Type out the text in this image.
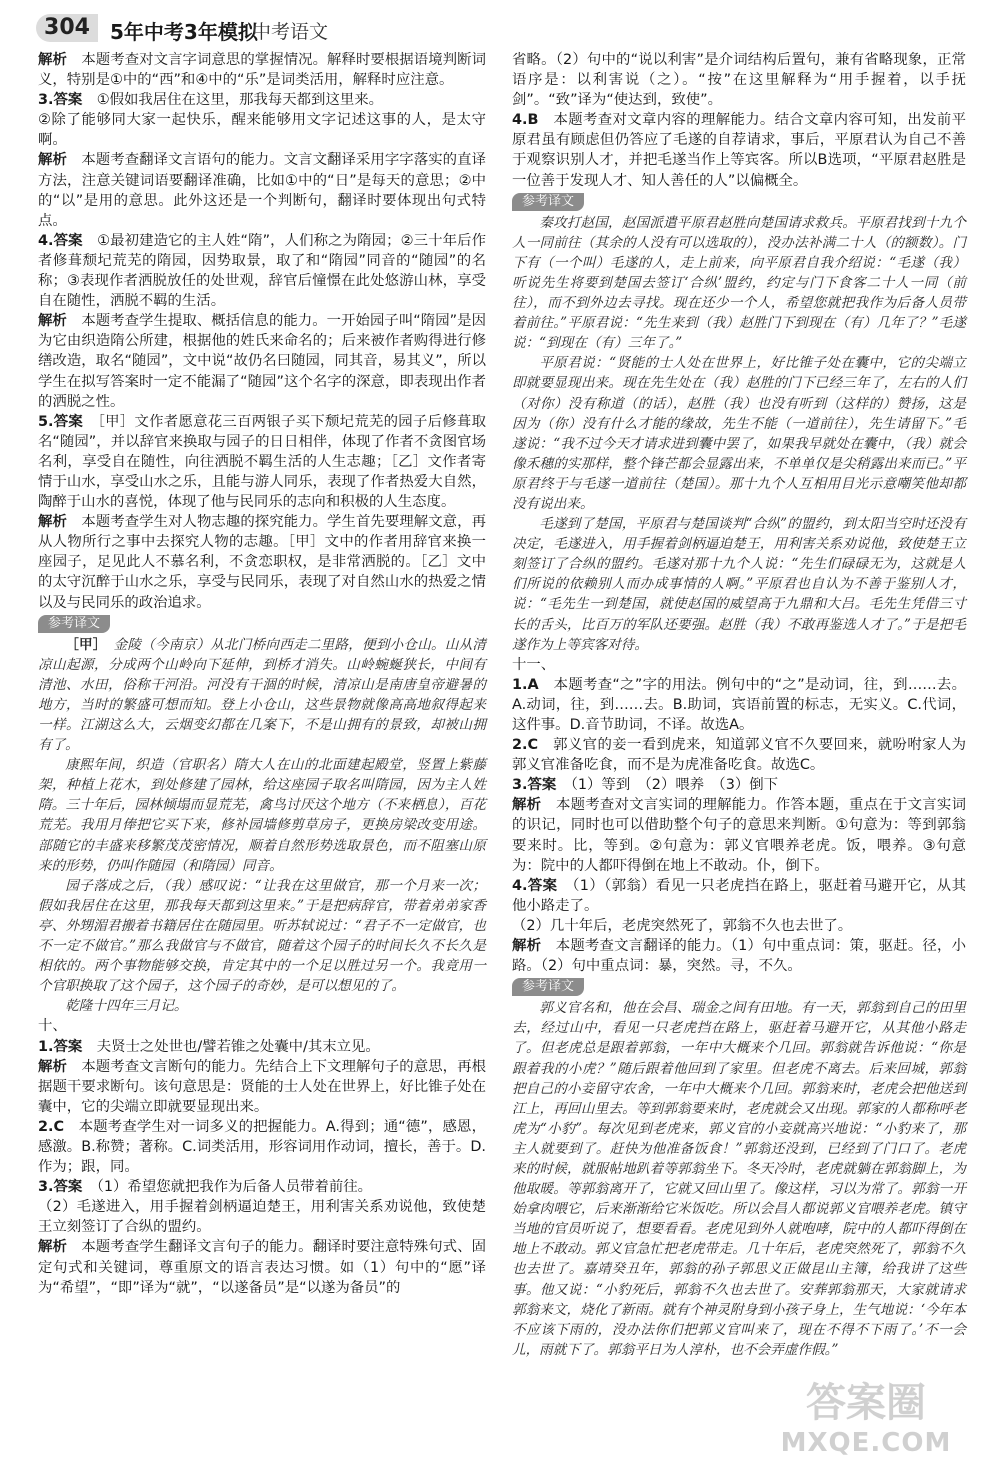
304	5年中考3年模拟
中考语文

解析　 本题考查对文言字词意思的掌握情况。解释时要根据语境判断词义，特别是①中的“西”和④中的“乐”是词类活用，解释时应注意。

3.答案　 ①假如我居住在这里，那我每天都到这里来。

②除了能够同大家一起快乐，醒来能够用文字记述这事的人，是太守啊。

解析　 本题考查翻译文言语句的能力。文言文翻译采用字字落实的直译方法，注意关键词语要翻译准确，比如①中的“日”是每天的意思；②中的“以”是用的意思。此外这还是一个判断句，翻译时要体现出句式特点。

4.答案　 ①最初建造它的主人姓“隋”，人们称之为隋园；②三十年后作者修葺颓圮荒芜的隋园，因势取景，取了和“隋园”同音的“随园”的名称；③表现作者洒脱放任的处世观，辞官后憧憬在此处悠游山林，享受自在随性，洒脱不羁的生活。

解析　 本题考查学生提取、概括信息的能力。一开始园子叫“隋园”是因为它由织造隋公所建，根据他的姓氏来命名的；后来被作者购得进行修缮改造，取名“随园”，文中说“故仍名曰随园，同其音，易其义”，所以学生在拟写答案时一定不能漏了“随园”这个名字的深意，即表现出作者的洒脱之性。

5.答案　 ［甲］文作者愿意花三百两银子买下颓圮荒芜的园子后修葺取名“随园”，并以辞官来换取与园子的日日相伴，体现了作者不贪图官场名利，享受自在随性，向往洒脱不羁生活的人生志趣；［乙］文作者寄情于山水，享受山水之乐，且能与游人同乐，表现了作者热爱大自然，陶醉于山水的喜悦，体现了他与民同乐的志向和积极的人生态度。

解析　 本题考查学生对人物志趣的探究能力。学生首先要理解文意，再从人物所行之事中去探究人物的志趣。［甲］文中的作者用辞官来换一座园子，足见此人不慕名利，不贪恋职权，是非常洒脱的。［乙］文中的太守沉醉于山水之乐，享受与民同乐，表现了对自然山水的热爱之情以及与民同乐的政治追求。

参考译文

［甲］　 金陵（今南京）从北门桥向西走二里路，便到小仓山。山从清凉山起源，分成两个山岭向下延伸，到桥才消失。山岭蜿蜒狭长，中间有清池、水田，俗称干河沿。河没有干涸的时候，清凉山是南唐皇帝避暑的地方，当时的繁盛可想而知。登上小仓山，这些景物就像高高地叙得起来一样。江湖这么大，云烟变幻都在几案下，不是山拥有的景致，却被山拥有了。

康熙年间，织造（官职名）隋大人在山的北面建起殿堂，竖置上紫藤架，种植上花木，到处修建了园林，给这座园子取名叫隋园，因为主人姓隋。三十年后，园林倾塌而显荒芜，禽鸟讨厌这个地方（不来栖息），百花荒芜。我用月俸把它买下来，修补园墙修剪草房子，更换房梁改变用途。部随它的丰盛来移繁茂茂密情况，顺着自然形势选取景色，而不阻塞山原来的形势，仍叫作随园（和隋园）同音。

园子落成之后，（我）感叹说：“让我在这里做官，那一个月来一次；假如我居住在这里，那我每天都到这里来。”于是把病辞官，带着弟弟家香亭、外甥湄君搬着书籍居住在随园里。听苏轼说过：“君子不一定做官，也不一定不做官。”那么我做官与不做官，随着这个园子的时间长久不长久是相依的。两个事物能够交换，肯定其中的一个足以胜过另一个。我竟用一个官职换取了这个园子，这个园子的奇妙，是可以想见的了。

乾隆十四年三月记。

十、

1.答案　 夫贤士之处世也/譬若锥之处囊中/其末立见。

解析　 本题考查文言断句的能力。先结合上下文理解句子的意思，再根据题干要求断句。该句意思是：贤能的士人处在世界上，好比锥子处在囊中，它的尖端立即就要显现出来。

2.C　 本题考查学生对一词多义的把握能力。A.得到；通“德”，感恩，感激。B.称赞；著称。C.词类活用，形容词用作动词，擅长，善于。D.作为；跟，同。

3.答案　 （1）希望您就把我作为后备人员带着前往。

（2）毛遂进入，用手握着剑柄逼迫楚王，用利害关系劝说他，致使楚王立刻签订了合纵的盟约。

解析　 本题考查学生翻译文言句子的能力。翻译时要注意特殊句式、固定句式和关键词，尊重原文的语言表达习惯。如（1）句中的“愿”译为“希望”，“即”译为“就”，“以遂备员”是“以遂为备员”的

省略。（2）句中的“说以利害”是介词结构后置句，兼有省略现象，正常语序是：以利害说（之）。“按”在这里解释为“用手握着，以手抚剑”。“致”译为“使达到，致使”。

4.B　 本题考查对文章内容的理解能力。结合文章内容可知，出发前平原君虽有顾虑但仍答应了毛遂的自荐请求，事后，平原君认为自己不善于观察识别人才，并把毛遂当作上等宾客。所以B选项，“平原君赵胜是一位善于发现人才、知人善任的人”以偏概全。

参考译文

秦攻打赵国，赵国派遣平原君赵胜向楚国请求救兵。平原君找到十九个人一同前往（其余的人没有可以选取的），没办法补满二十人（的额数）。门下有（一个叫）毛遂的人，走上前来，向平原君自我介绍说：“毛遂（我）听说先生将要到楚国去签订‘合纵’盟约，约定与门下食客二十人一同（前往），而不到外边去寻找。现在还少一个人，希望您就把我作为后备人员带着前往。”平原君说：“先生来到（我）赵胜门下到现在（有）几年了？”毛遂说：“到现在（有）三年了。”

平原君说：“贤能的士人处在世界上，好比锥子处在囊中，它的尖端立即就要显现出来。现在先生处在（我）赵胜的门下已经三年了，左右的人们（对你）没有称道（的话），赵胜（我）也没有听到（这样的）赞扬，这是因为（你）没有什么才能的缘故，先生不能（一道前往），先生请留下。”毛遂说：“我不过今天才请求进到囊中罢了，如果我早就处在囊中，（我）就会像禾穗的实那样，整个锋芒都会显露出来，不单单仅是尖稍露出来而已。”平原君终于与毛遂一道前往（楚国）。那十九个人互相用目光示意嘲笑他却都没有说出来。

毛遂到了楚国，平原君与楚国谈判“合纵”的盟约，到太阳当空时还没有决定，毛遂进入，用手握着剑柄逼迫楚王，用利害关系劝说他，致使楚王立刻签订了合纵的盟约。毛遂对那十九个人说：“先生们碌碌无为，这就是人们所说的依赖别人而办成事情的人啊。”平原君也自认为不善于鉴别人才，说：“毛先生一到楚国，就使赵国的威望高于九鼎和大吕。毛先生凭借三寸长的舌头，比百万的军队还要强。赵胜（我）不敢再鉴选人才了。”于是把毛遂作为上等宾客对待。

十一、

1.A　 本题考查“之”字的用法。例句中的“之”是动词，往，到……去。A.动词，往，到……去。B.助词，宾语前置的标志，无实义。C.代词，这件事。D.音节助词，不译。故选A。

2.C　 郭义官的妾一看到虎来，知道郭义官不久要回来，就吩咐家人为郭义官准备吃食，而不是为虎准备吃食。故选C。

3.答案　 （1）等到　（2）喂养　（3）倒下

解析　 本题考查对文言实词的理解能力。作答本题，重点在于文言实词的识记，同时也可以借助整个句子的意思来判断。①句意为：等到郭翁要来时。比，等到。②句意为：郭义官喂养老虎。饭，喂养。③句意为：院中的人都吓得倒在地上不敢动。仆，倒下。

4.答案　 （1）（郭翁）看见一只老虎挡在路上，驱赶着马避开它，从其他小路走了。

（2）几十年后，老虎突然死了，郭翁不久也去世了。

解析　 本题考查文言翻译的能力。（1）句中重点词：策，驱赶。径，小路。（2）句中重点词：暴，突然。寻，不久。

参考译文

郭义官名和，他在会昌、瑞金之间有田地。有一天，郭翁到自己的田里去，经过山中，看见一只老虎挡在路上，驱赶着马避开它，从其他小路走了。但老虎总是跟着郭翁，一年中大概来个几回。郭翁就告诉他说：“你是跟着我的小虎？”随后跟着他回到了家里。但老虎不离去。后来回城，郭翁把自己的小妾留守农舍，一年中大概来个几回。郭翁来时，老虎会把他送到江上，再回山里去。等到郭翁要来时，老虎就会又出现。郭家的人都称呼老虎为“小豹”。每次见到老虎来，郭义官的小妾就高兴地说：“小豹来了，那主人就要到了。赶快为他准备饭食！”郭翁还没到，已经到了门口了。老虎来的时候，就服帖地趴着等郭翁坐下。冬天冷时，老虎就躺在郭翁脚上，为他取暖。等郭翁离开了，它就又回山里了。像这样，习以为常了。郭翁一开始拿肉喂它，后来渐渐给它米饭吃。所以会昌人都说郭义官喂养老虎。镇守当地的官员听说了，想要看看。老虎见到外人就咆哮，院中的人都吓得倒在地上不敢动。郭义官急忙把老虎带走。几十年后，老虎突然死了，郭翁不久也去世了。嘉靖癸丑年，郭翁的孙子郭思义正做昆山主簿，给我讲了这些事。他又说：“小豹死后，郭翁不久也去世了。安葬郭翁那天，大家就请求郭翁来文，烧化了新雨。就有个神灵附身到小孩子身上，生气地说：‘今年本不应该下雨的，没办法你们把郭义官叫来了，现在不得不下雨了。’不一会儿，雨就下了。郭翁平日为人淳朴，也不会弄虚作假。”

答案圈
MXQE.COM
